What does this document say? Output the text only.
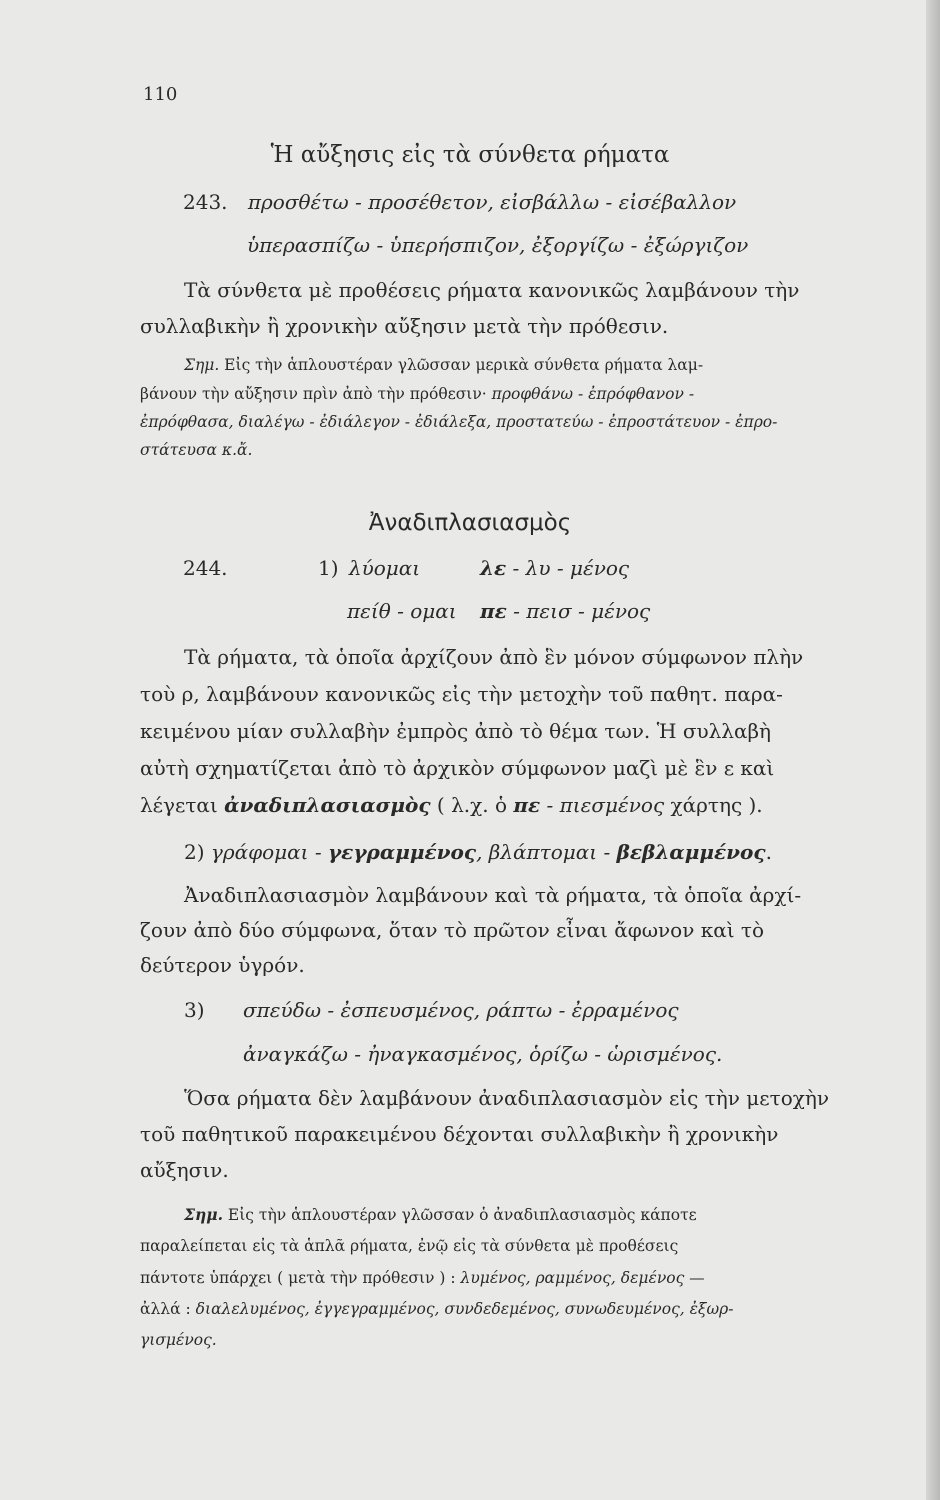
110
Ἡ αὔξησις εἰς τὰ σύνθετα ρήματα
243. προσθέτω - προσέθετον, εἰσβάλλω - εἰσέβαλλον
ὑπερασπίζω - ὑπερήσπιζον, ἐξοργίζω - ἐξώργιζον
Τὰ σύνθετα μὲ προθέσεις ρήματα κανονικῶς λαμβάνουν τὴν
συλλαβικὴν ἢ χρονικὴν αὔξησιν μετὰ τὴν πρόθεσιν.
Σημ. Εἰς τὴν ἁπλουστέραν γλῶσσαν μερικὰ σύνθετα ρήματα λαμ-
βάνουν τὴν αὔξησιν πρὶν ἀπὸ τὴν πρόθεσιν· προφθάνω - ἐπρόφθανον -
ἐπρόφθασα, διαλέγω - ἐδιάλεγον - ἐδιάλεξα, προστατεύω - ἐπροστάτευον - ἐπρο-
στάτευσα κ.ἄ.
Ἀναδιπλασιασμὸς
244.	1) λύομαι	λε - λυ - μένος
πείθ - ομαι πε - πεισ - μένος
Τὰ ρήματα, τὰ ὁποῖα ἀρχίζουν ἀπὸ ἓν μόνον σύμφωνον πλὴν
τοὺ ρ, λαμβάνουν κανονικῶς εἰς τὴν μετοχὴν τοῦ παθητ. παρα-
κειμένου μίαν συλλαβὴν ἐμπρὸς ἀπὸ τὸ θέμα των. Ἡ συλλαβὴ
αὐτὴ σχηματίζεται ἀπὸ τὸ ἀρχικὸν σύμφωνον μαζὶ μὲ ἓν ε καὶ
λέγεται ἀναδιπλασιασμὸς ( λ.χ. ὁ πε - πιεσμένος χάρτης ).
2) γράφομαι - γεγραμμένος, βλάπτομαι - βεβλαμμένος.
Ἀναδιπλασιασμὸν λαμβάνουν καὶ τὰ ρήματα, τὰ ὁποῖα ἀρχί-
ζουν ἀπὸ δύο σύμφωνα, ὅταν τὸ πρῶτον εἶναι ἄφωνον καὶ τὸ
δεύτερον ὑγρόν.
3) σπεύδω - ἐσπευσμένος, ράπτω - ἐρραμένος
ἀναγκάζω - ἠναγκασμένος, ὁρίζω - ὡρισμένος.
Ὅσα ρήματα δὲν λαμβάνουν ἀναδιπλασιασμὸν εἰς τὴν μετοχὴν
τοῦ παθητικοῦ παρακειμένου δέχονται συλλαβικὴν ἢ χρονικὴν
αὔξησιν.
Σημ. Εἰς τὴν ἁπλουστέραν γλῶσσαν ὁ ἀναδιπλασιασμὸς κάποτε
παραλείπεται εἰς τὰ ἁπλᾶ ρήματα, ἐνῷ εἰς τὰ σύνθετα μὲ προθέσεις
πάντοτε ὑπάρχει ( μετὰ τὴν πρόθεσιν ) : λυμένος, ραμμένος, δεμένος —
ἀλλά : διαλελυμένος, ἐγγεγραμμένος, συνδεδεμένος, συνωδευμένος, ἐξωρ-
γισμένος.
